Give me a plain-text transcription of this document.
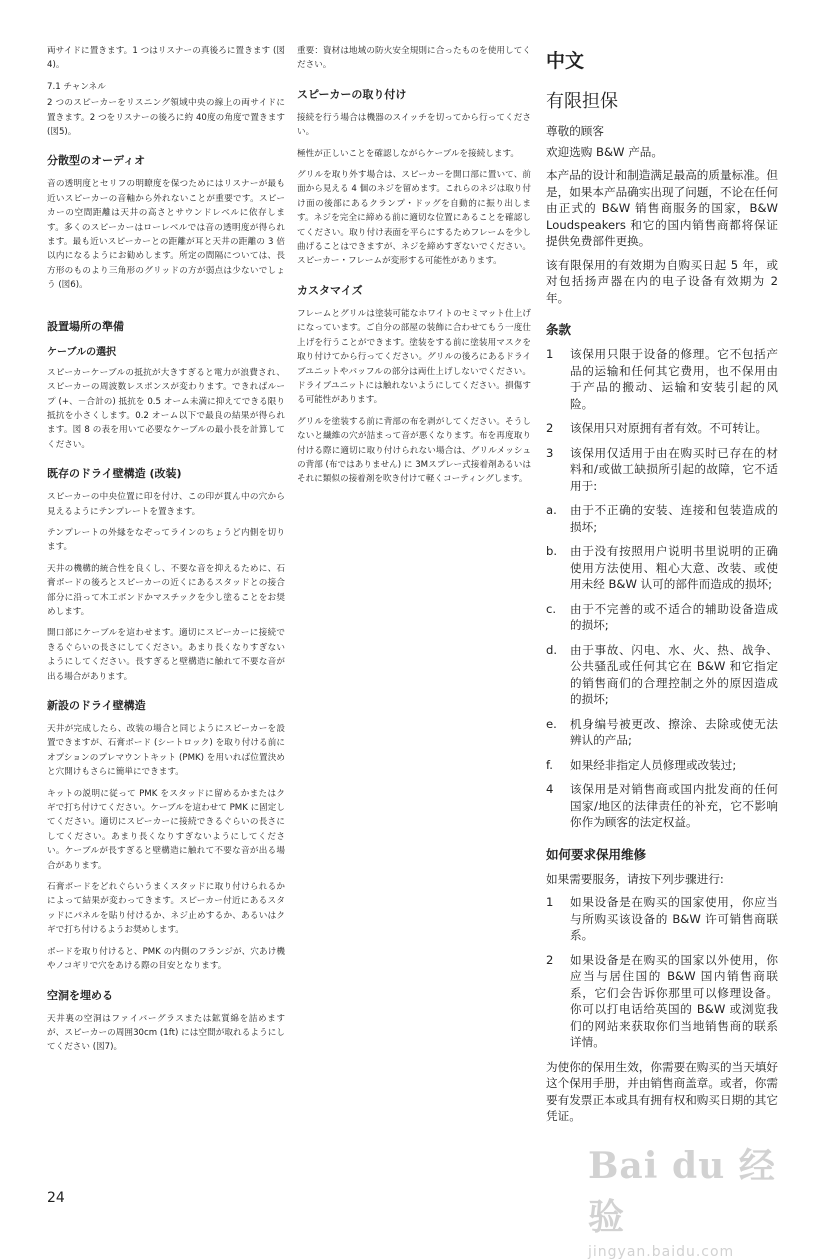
両サイドに置きます。1 つはリスナーの真後ろに置きます (図4)。

7.1 チャンネル

2 つのスピーカーをリスニング領域中央の線上の両サイドに置きます。2 つをリスナーの後ろに約 40度の角度で置きます (図5)。

分散型のオーディオ

音の透明度とセリフの明瞭度を保つためにはリスナーが最も近いスピーカーの音軸から外れないことが重要です。スピーカーの空間距離は天井の高さとサウンドレベルに依存します。多くのスピーカーはローレベルでは音の透明度が得られます。最も近いスピーカーとの距離が耳と天井の距離の 3 倍以内になるようにお勧めします。所定の間隔については、長方形のものより三角形のグリッドの方が弱点は少ないでしょう (図6)。

設置場所の準備
ケーブルの選択

スピーカーケーブルの抵抗が大きすぎると電力が浪費され、スピーカーの周波数レスポンスが変わります。できればループ (+、－合計の) 抵抗を 0.5 オーム未満に抑えてできる限り抵抗を小さくします。0.2 オーム以下で最良の結果が得られます。図 8 の表を用いて必要なケーブルの最小長を計算してください。

既存のドライ壁構造 (改装)

スピーカーの中央位置に印を付け、この印が貫ん中の穴から見えるようにテンプレートを置きます。

テンプレートの外縁をなぞってラインのちょうど内側を切ります。

天井の機構的統合性を良くし、不要な音を抑えるために、石膏ボードの後ろとスピーカーの近くにあるスタッドとの接合部分に沿って木工ボンドかマスチックを少し塗ることをお奨めします。

開口部にケーブルを這わせます。適切にスピーカーに接続できるぐらいの長さにしてください。あまり長くなりすぎないようにしてください。長すぎると壁構造に触れて不要な音が出る場合があります。

新設のドライ壁構造

天井が完成したら、改装の場合と同じようにスピーカーを設置できますが、石膏ボード (シートロック) を取り付ける前にオプションのプレマウントキット (PMK) を用いれば位置決めと穴開けもさらに簡単にできます。

キットの説明に従って PMK をスタッドに留めるかまたはクギで打ち付けてください。ケーブルを這わせて PMK に固定してください。適切にスピーカーに接続できるぐらいの長さにしてください。あまり長くなりすぎないようにしてください。ケーブルが長すぎると壁構造に触れて不要な音が出る場合があります。

石膏ボードをどれぐらいうまくスタッドに取り付けられるかによって結果が変わってきます。スピーカー付近にあるスタッドにパネルを貼り付けるか、ネジ止めするか、あるいはクギで打ち付けるようお奨めします。

ボードを取り付けると、PMK の内側のフランジが、穴あけ機やノコギリで穴をあける際の目安となります。

空洞を埋める

天井裏の空洞はファイバーグラスまたは鉱質綿を詰めますが、スピーカーの周囲30cm (1ft) には空間が取れるようにしてください (図7)。

重要：資材は地域の防火安全規則に合ったものを使用してください。

スピーカーの取り付け

接続を行う場合は機器のスイッチを切ってから行ってください。

極性が正しいことを確認しながらケーブルを接続します。

グリルを取り外す場合は、スピーカーを開口部に置いて、前面から見える 4 個のネジを留めます。これらのネジは取り付け面の後部にあるクランプ・ドッグを自動的に振り出します。ネジを完全に締める前に適切な位置にあることを確認してください。取り付け表面を平らにするためフレームを少し曲げることはできますが、ネジを締めすぎないでください。スピーカー・フレームが変形する可能性があります。

カスタマイズ

フレームとグリルは塗装可能なホワイトのセミマット仕上げになっています。ご自分の部屋の装飾に合わせてもう一度仕上げを行うことができます。塗装をする前に塗装用マスクを取り付けてから行ってください。グリルの後ろにあるドライブユニットやバッフルの部分は両仕上げしないでください。ドライブユニットには触れないようにしてください。損傷する可能性があります。

グリルを塗装する前に背部の布を剥がしてください。そうしないと繊維の穴が詰まって音が悪くなります。布を再度取り付ける際に適切に取り付けられない場合は、グリルメッシュの背部 (布ではありません) に 3Mスプレー式接着剤あるいはそれに類似の接着剤を吹き付けて軽くコーティングします。

中文
有限担保

尊敬的顾客

欢迎选购 B&W 产品。

本产品的设计和制造满足最高的质量标准。但是，如果本产品确实出现了问题，不论在任何由正式的 B&W 销售商服务的国家，B&W Loudspeakers 和它的国内销售商都将保证提供免费部件更换。

该有限保用的有效期为自购买日起 5 年，或对包括扬声器在内的电子设备有效期为 2 年。

条款
1	该保用只限于设备的修理。它不包括产品的运输和任何其它费用，也不保用由于产品的搬动、运输和安装引起的风险。
2	该保用只对原拥有者有效。不可转让。
3	该保用仅适用于由在购买时已存在的材料和/或做工缺损所引起的故障，它不适用于:
a.	由于不正确的安装、连接和包装造成的损坏;
b.	由于没有按照用户说明书里说明的正确使用方法使用、粗心大意、改装、或使用未经 B&W 认可的部件而造成的损坏;
c.	由于不完善的或不适合的辅助设备造成的损坏;
d.	由于事故、闪电、水、火、热、战争、公共骚乱或任何其它在 B&W 和它指定的销售商们的合理控制之外的原因造成的损坏;
e.	机身编号被更改、擦涂、去除或使无法辨认的产品;
f.	如果经非指定人员修理或改装过;
4	该保用是对销售商或国内批发商的任何国家/地区的法律责任的补充，它不影响你作为顾客的法定权益。
如何要求保用维修

如果需要服务，请按下列步骤进行:

1	如果设备是在购买的国家使用，你应当与所购买该设备的 B&W 许可销售商联系。
2	如果设备是在购买的国家以外使用，你应当与居住国的 B&W 国内销售商联系，它们会告诉你那里可以修理设备。你可以打电话给英国的 B&W 或浏览我们的网站来获取你们当地销售商的联系详情。

为使你的保用生效，你需要在购买的当天填好这个保用手册，并由销售商盖章。或者，你需要有发票正本或具有拥有权和购买日期的其它凭证。

24
Bai du 经验
jingyan.baidu.com
